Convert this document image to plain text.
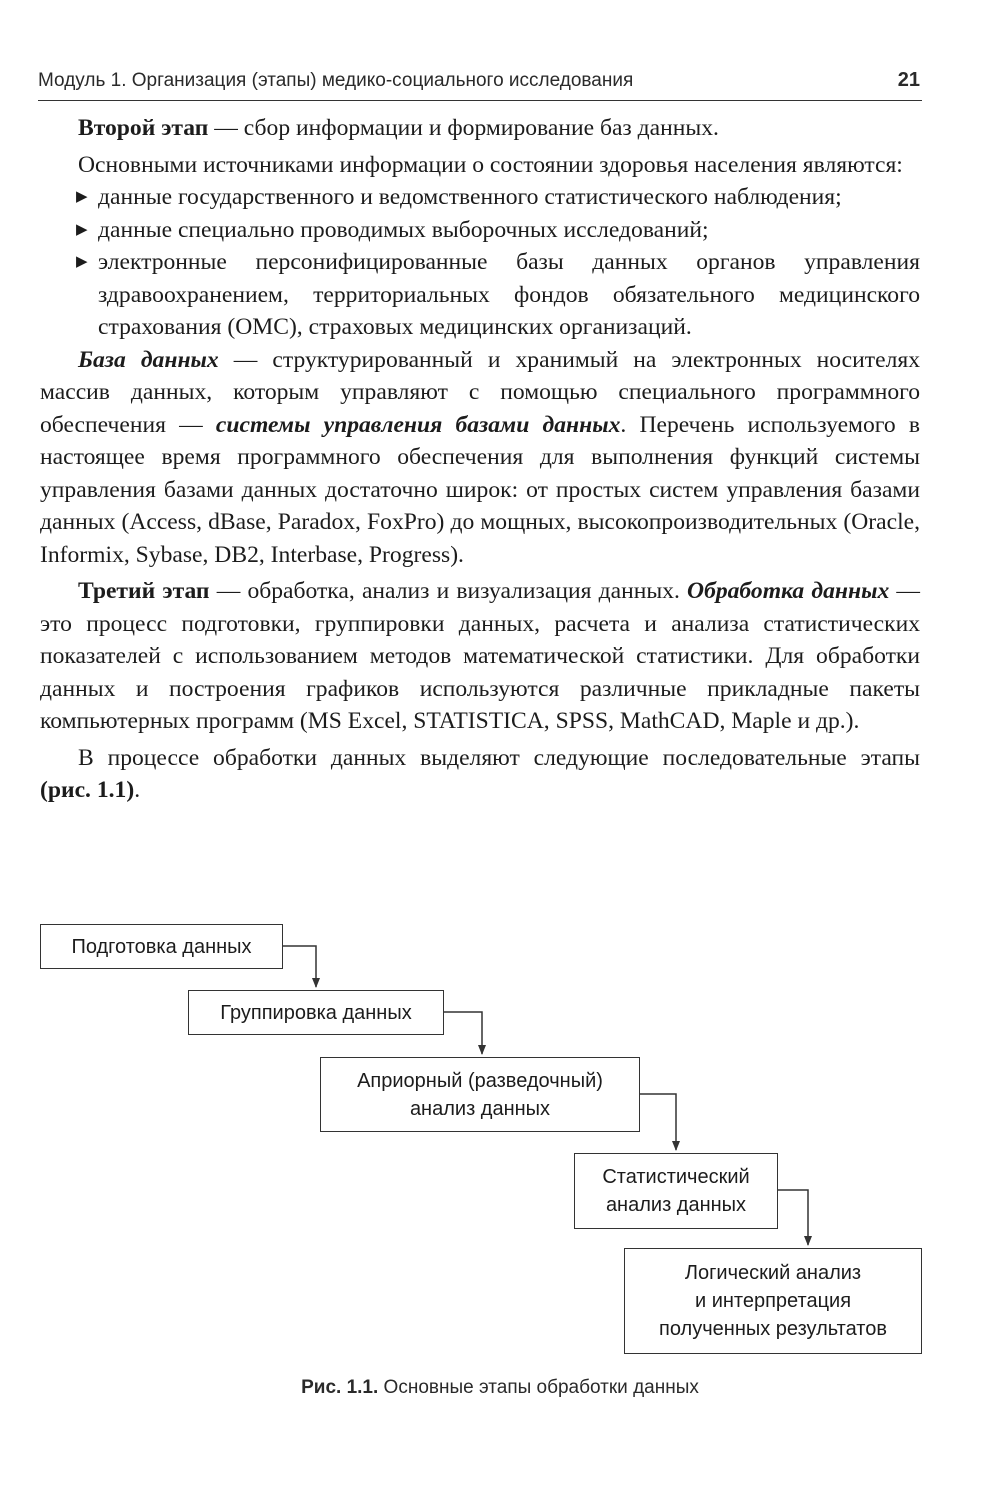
Модуль 1. Организация (этапы) медико-социального исследования	21

Второй этап — сбор информации и формирование баз данных.

Основными источниками информации о состоянии здоровья населения являются:

▶ данные государственного и ведомственного статистического наблюдения;
▶ данные специально проводимых выборочных исследований;
▶ электронные персонифицированные базы данных органов управления здравоохранением, территориальных фондов обязательного медицинского страхования (ОМС), страховых медицинских организаций.

База данных — структурированный и хранимый на электронных носителях массив данных, которым управляют с помощью специального программного обеспечения — системы управления базами данных. Перечень используемого в настоящее время программного обеспечения для выполнения функций системы управления базами данных достаточно широк: от простых систем управления базами данных (Access, dBase, Paradox, FoxPro) до мощных, высокопроизводительных (Oracle, Informix, Sybase, DB2, Interbase, Progress).

Третий этап — обработка, анализ и визуализация данных. Обработка данных — это процесс подготовки, группировки данных, расчета и анализа статистических показателей с использованием методов математической статистики. Для обработки данных и построения графиков используются различные прикладные пакеты компьютерных программ (MS Excel, STATISTICA, SPSS, MathCAD, Maple и др.).

В процессе обработки данных выделяют следующие последовательные этапы (рис. 1.1).

Подготовка данных
Группировка данных
Априорный (разведочный)
анализ данных
Статистический
анализ данных
Логический анализ
и интерпретация
полученных результатов
Рис. 1.1. Основные этапы обработки данных
